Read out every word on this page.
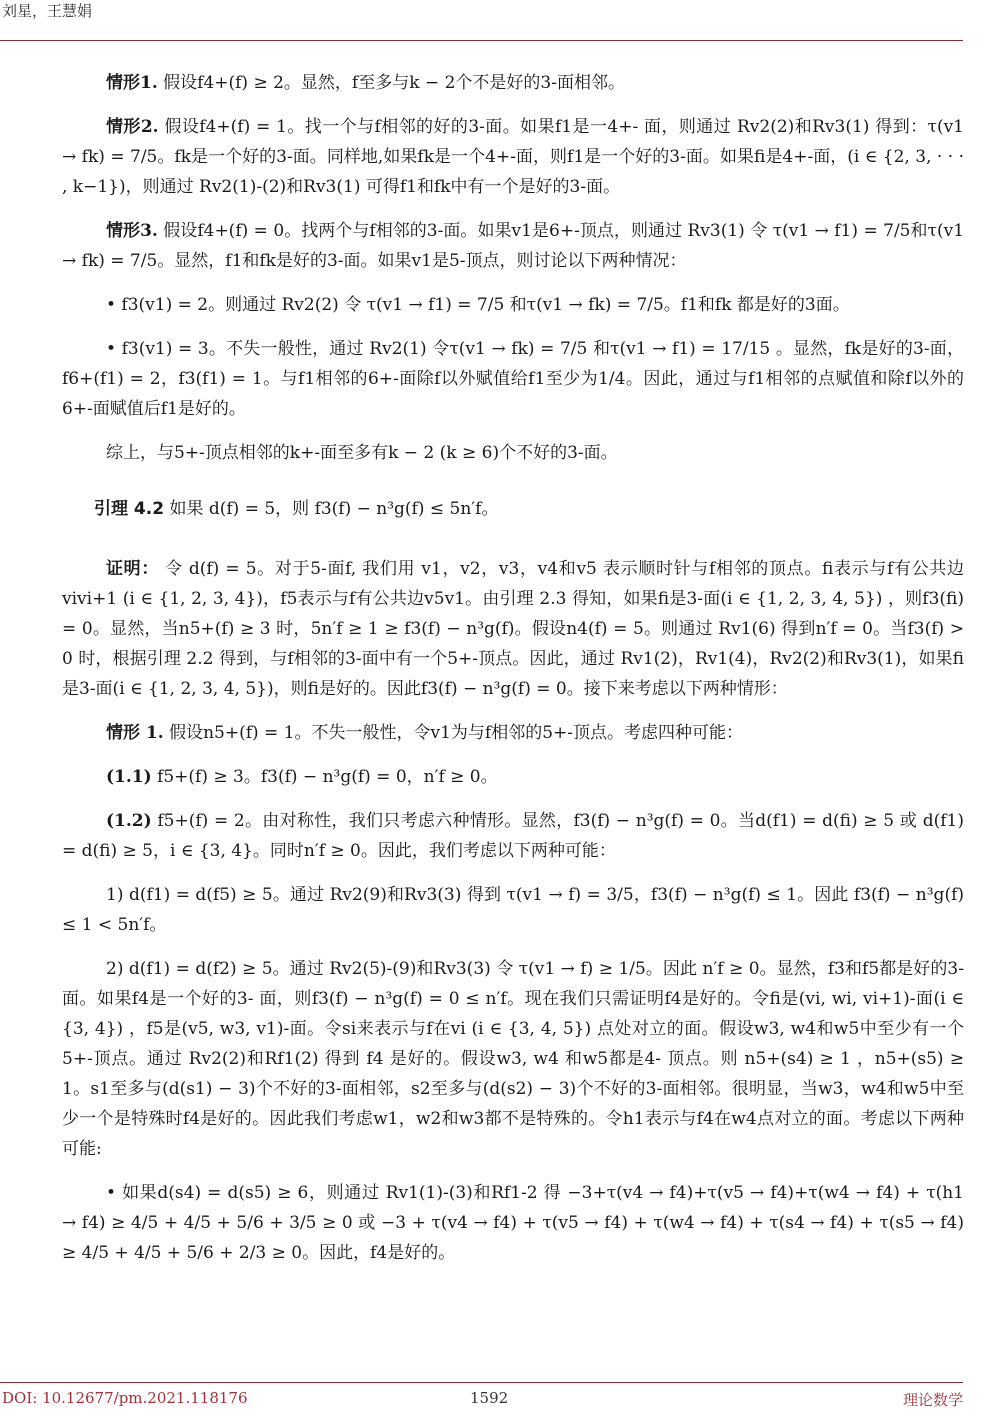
刘星，王慧娟

情形1. 假设f4+(f) ≥ 2。显然，f至多与k − 2个不是好的3-面相邻。

情形2. 假设f4+(f) = 1。找一个与f相邻的好的3-面。如果f1是一4+- 面，则通过 Rv2(2)和Rv3(1) 得到：τ(v1 → fk) = 7/5。fk是一个好的3-面。同样地,如果fk是一个4+-面，则f1是一个好的3-面。如果fi是4+-面，(i ∈ {2, 3, · · · , k−1})，则通过 Rv2(1)-(2)和Rv3(1) 可得f1和fk中有一个是好的3-面。

情形3. 假设f4+(f) = 0。找两个与f相邻的3-面。如果v1是6+-顶点，则通过 Rv3(1) 令 τ(v1 → f1) = 7/5和τ(v1 → fk) = 7/5。显然，f1和fk是好的3-面。如果v1是5-顶点，则讨论以下两种情况：

• f3(v1) = 2。则通过 Rv2(2) 令 τ(v1 → f1) = 7/5 和τ(v1 → fk) = 7/5。f1和fk 都是好的3面。

• f3(v1) = 3。不失一般性，通过 Rv2(1) 令τ(v1 → fk) = 7/5 和τ(v1 → f1) = 17/15 。显然，fk是好的3-面，f6+(f1) = 2，f3(f1) = 1。与f1相邻的6+-面除f以外赋值给f1至少为1/4。因此，通过与f1相邻的点赋值和除f以外的6+-面赋值后f1是好的。

综上，与5+-顶点相邻的k+-面至多有k − 2 (k ≥ 6)个不好的3-面。

引理 4.2 如果 d(f) = 5，则 f3(f) − n³g(f) ≤ 5n′f。

证明： 令 d(f) = 5。对于5-面f, 我们用 v1，v2，v3，v4和v5 表示顺时针与f相邻的顶点。fi表示与f有公共边vivi+1 (i ∈ {1, 2, 3, 4})，f5表示与f有公共边v5v1。由引理 2.3 得知，如果fi是3-面(i ∈ {1, 2, 3, 4, 5}) ，则f3(fi) = 0。显然，当n5+(f) ≥ 3 时，5n′f ≥ 1 ≥ f3(f) − n³g(f)。假设n4(f) = 5。则通过 Rv1(6) 得到n′f = 0。当f3(f) > 0 时，根据引理 2.2 得到，与f相邻的3-面中有一个5+-顶点。因此，通过 Rv1(2)，Rv1(4)，Rv2(2)和Rv3(1)，如果fi是3-面(i ∈ {1, 2, 3, 4, 5})，则fi是好的。因此f3(f) − n³g(f) = 0。接下来考虑以下两种情形：

情形 1. 假设n5+(f) = 1。不失一般性，令v1为与f相邻的5+-顶点。考虑四种可能：

(1.1) f5+(f) ≥ 3。f3(f) − n³g(f) = 0，n′f ≥ 0。

(1.2) f5+(f) = 2。由对称性，我们只考虑六种情形。显然，f3(f) − n³g(f) = 0。当d(f1) = d(fi) ≥ 5 或 d(f1) = d(fi) ≥ 5，i ∈ {3, 4}。同时n′f ≥ 0。因此，我们考虑以下两种可能：

1) d(f1) = d(f5) ≥ 5。通过 Rv2(9)和Rv3(3) 得到 τ(v1 → f) = 3/5，f3(f) − n³g(f) ≤ 1。因此 f3(f) − n³g(f) ≤ 1 < 5n′f。

2) d(f1) = d(f2) ≥ 5。通过 Rv2(5)-(9)和Rv3(3) 令 τ(v1 → f) ≥ 1/5。因此 n′f ≥ 0。显然，f3和f5都是好的3-面。如果f4是一个好的3- 面，则f3(f) − n³g(f) = 0 ≤ n′f。现在我们只需证明f4是好的。令fi是(vi, wi, vi+1)-面(i ∈ {3, 4}) ，f5是(v5, w3, v1)-面。令si来表示与f在vi (i ∈ {3, 4, 5}) 点处对立的面。假设w3, w4和w5中至少有一个5+-顶点。通过 Rv2(2)和Rf1(2) 得到 f4 是好的。假设w3, w4 和w5都是4- 顶点。则 n5+(s4) ≥ 1 ，n5+(s5) ≥ 1。s1至多与(d(s1) − 3)个不好的3-面相邻，s2至多与(d(s2) − 3)个不好的3-面相邻。很明显，当w3，w4和w5中至少一个是特殊时f4是好的。因此我们考虑w1，w2和w3都不是特殊的。令h1表示与f4在w4点对立的面。考虑以下两种可能:

• 如果d(s4) = d(s5) ≥ 6，则通过 Rv1(1)-(3)和Rf1-2 得 −3+τ(v4 → f4)+τ(v5 → f4)+τ(w4 → f4) + τ(h1 → f4) ≥ 4/5 + 4/5 + 5/6 + 3/5 ≥ 0 或 −3 + τ(v4 → f4) + τ(v5 → f4) + τ(w4 → f4) + τ(s4 → f4) + τ(s5 → f4) ≥ 4/5 + 4/5 + 5/6 + 2/3 ≥ 0。因此，f4是好的。

DOI: 10.12677/pm.2021.118176	1592	理论数学
